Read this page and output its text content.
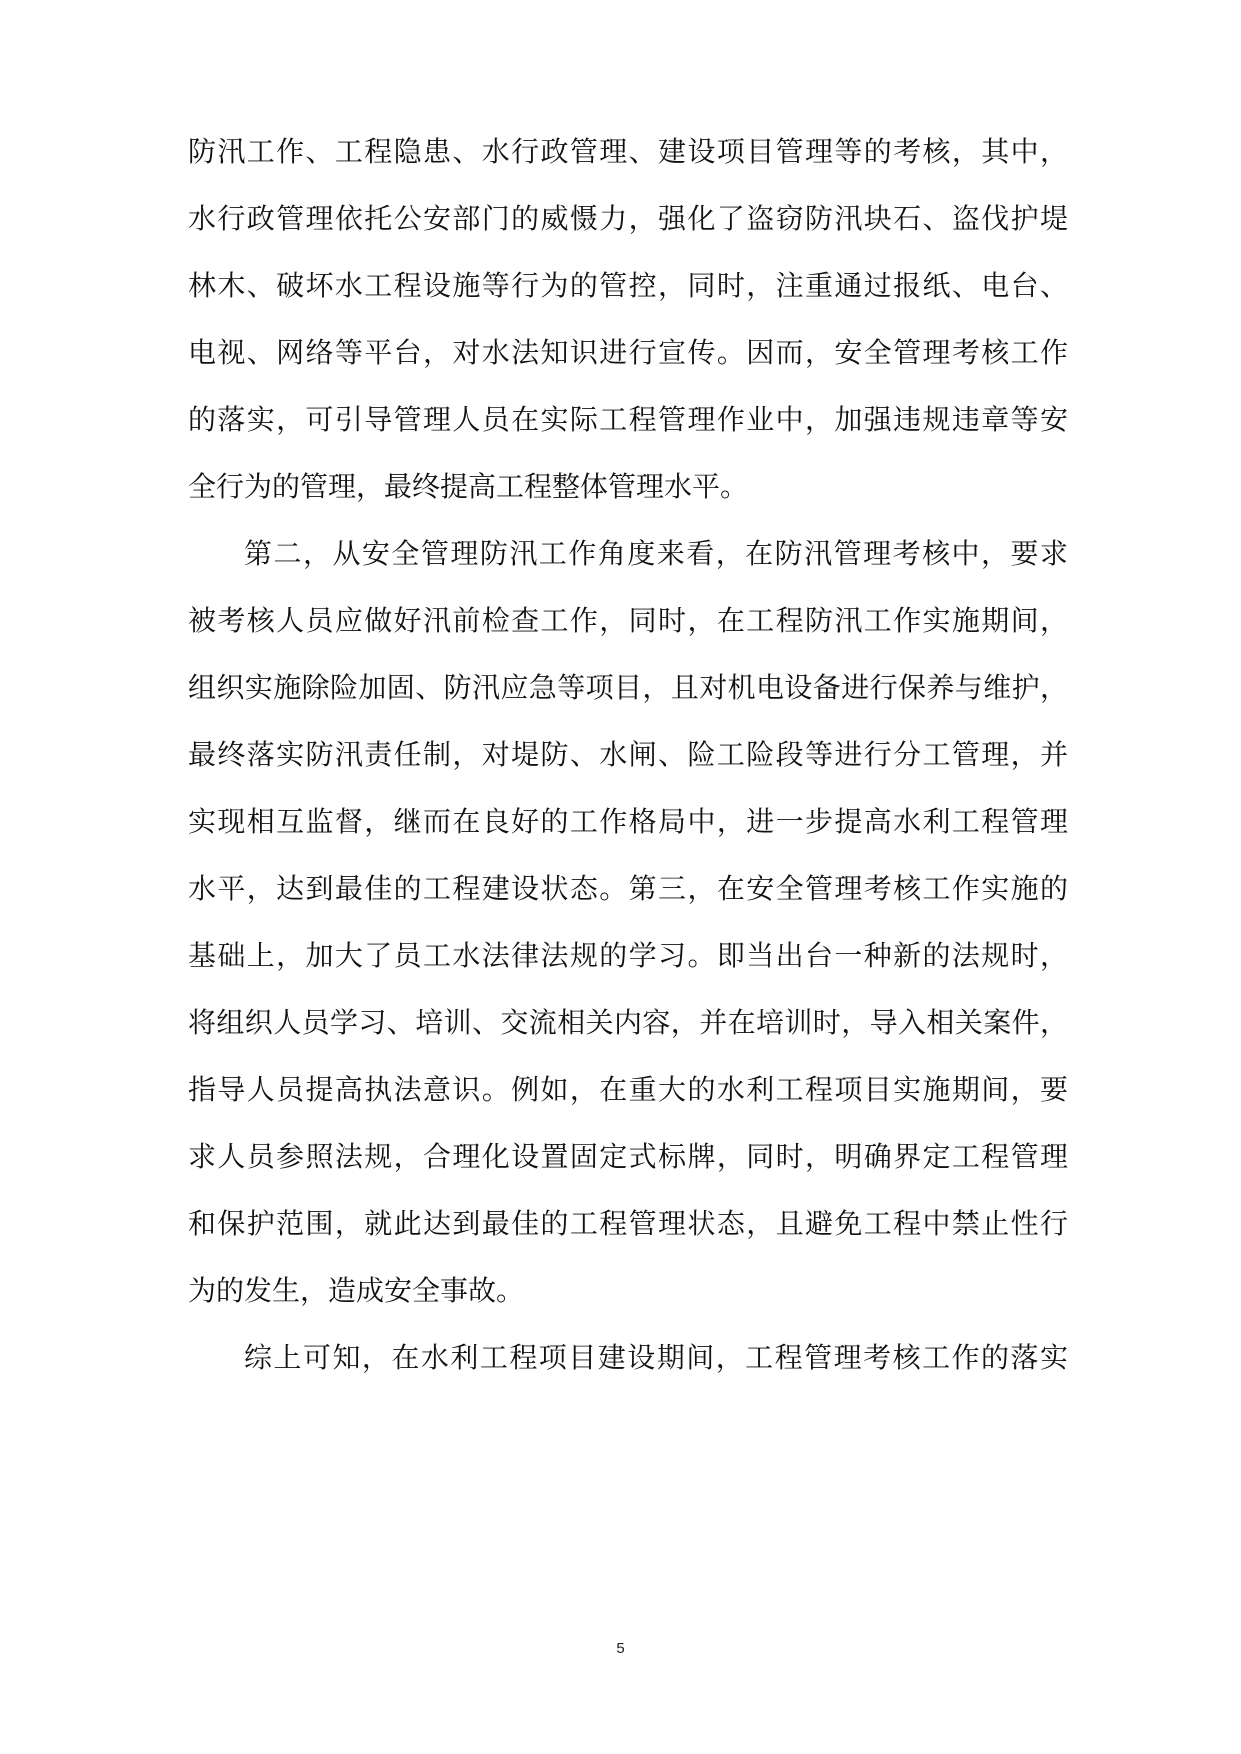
防汛工作、工程隐患、水行政管理、建设项目管理等的考核，其中，
水行政管理依托公安部门的威慑力，强化了盗窃防汛块石、盗伐护堤
林木、破坏水工程设施等行为的管控，同时，注重通过报纸、电台、
电视、网络等平台，对水法知识进行宣传。因而，安全管理考核工作
的落实，可引导管理人员在实际工程管理作业中，加强违规违章等安
全行为的管理，最终提高工程整体管理水平。
第二，从安全管理防汛工作角度来看，在防汛管理考核中，要求
被考核人员应做好汛前检查工作，同时，在工程防汛工作实施期间，
组织实施除险加固、防汛应急等项目，且对机电设备进行保养与维护，
最终落实防汛责任制，对堤防、水闸、险工险段等进行分工管理，并
实现相互监督，继而在良好的工作格局中，进一步提高水利工程管理
水平，达到最佳的工程建设状态。第三，在安全管理考核工作实施的
基础上，加大了员工水法律法规的学习。即当出台一种新的法规时，
将组织人员学习、培训、交流相关内容，并在培训时，导入相关案件，
指导人员提高执法意识。例如，在重大的水利工程项目实施期间，要
求人员参照法规，合理化设置固定式标牌，同时，明确界定工程管理
和保护范围，就此达到最佳的工程管理状态，且避免工程中禁止性行
为的发生，造成安全事故。
综上可知，在水利工程项目建设期间，工程管理考核工作的落实
5
